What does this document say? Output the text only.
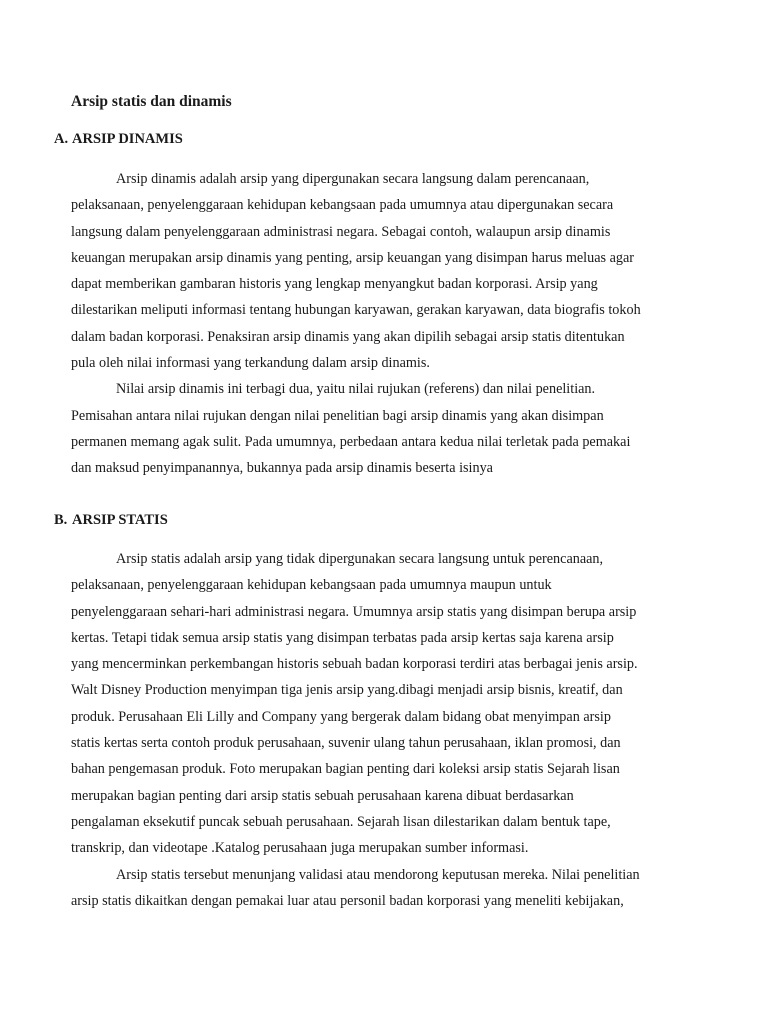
Arsip statis dan dinamis
A. ARSIP DINAMIS

Arsip dinamis adalah arsip yang dipergunakan secara langsung dalam perencanaan,
pelaksanaan, penyelenggaraan kehidupan kebangsaan pada umumnya atau dipergunakan secara
langsung dalam penyelenggaraan administrasi negara. Sebagai contoh, walaupun arsip dinamis
keuangan merupakan arsip dinamis yang penting, arsip keuangan yang disimpan harus meluas agar
dapat memberikan gambaran historis yang lengkap menyangkut badan korporasi. Arsip yang
dilestarikan meliputi informasi tentang hubungan karyawan, gerakan karyawan, data biografis tokoh
dalam badan korporasi. Penaksiran arsip dinamis yang akan dipilih sebagai arsip statis ditentukan
pula oleh nilai informasi yang terkandung dalam arsip dinamis.

Nilai arsip dinamis ini terbagi dua, yaitu nilai rujukan (referens) dan nilai penelitian.
Pemisahan antara nilai rujukan dengan nilai penelitian bagi arsip dinamis yang akan disimpan
permanen memang agak sulit. Pada umumnya, perbedaan antara kedua nilai terletak pada pemakai
dan maksud penyimpanannya, bukannya pada arsip dinamis beserta isinya

B. ARSIP STATIS

Arsip statis adalah arsip yang tidak dipergunakan secara langsung untuk perencanaan,
pelaksanaan, penyelenggaraan kehidupan kebangsaan pada umumnya maupun untuk
penyelenggaraan sehari-hari administrasi negara. Umumnya arsip statis yang disimpan berupa arsip
kertas. Tetapi tidak semua arsip statis yang disimpan terbatas pada arsip kertas saja karena arsip
yang mencerminkan perkembangan historis sebuah badan korporasi terdiri atas berbagai jenis arsip.
Walt Disney Production menyimpan tiga jenis arsip yang.dibagi menjadi arsip bisnis, kreatif, dan
produk. Perusahaan Eli Lilly and Company yang bergerak dalam bidang obat menyimpan arsip
statis kertas serta contoh produk perusahaan, suvenir ulang tahun perusahaan, iklan promosi, dan
bahan pengemasan produk. Foto merupakan bagian penting dari koleksi arsip statis Sejarah lisan
merupakan bagian penting dari arsip statis sebuah perusahaan karena dibuat berdasarkan
pengalaman eksekutif puncak sebuah perusahaan. Sejarah lisan dilestarikan dalam bentuk tape,
transkrip, dan videotape .Katalog perusahaan juga merupakan sumber informasi.

Arsip statis tersebut menunjang validasi atau mendorong keputusan mereka. Nilai penelitian
arsip statis dikaitkan dengan pemakai luar atau personil badan korporasi yang meneliti kebijakan,
